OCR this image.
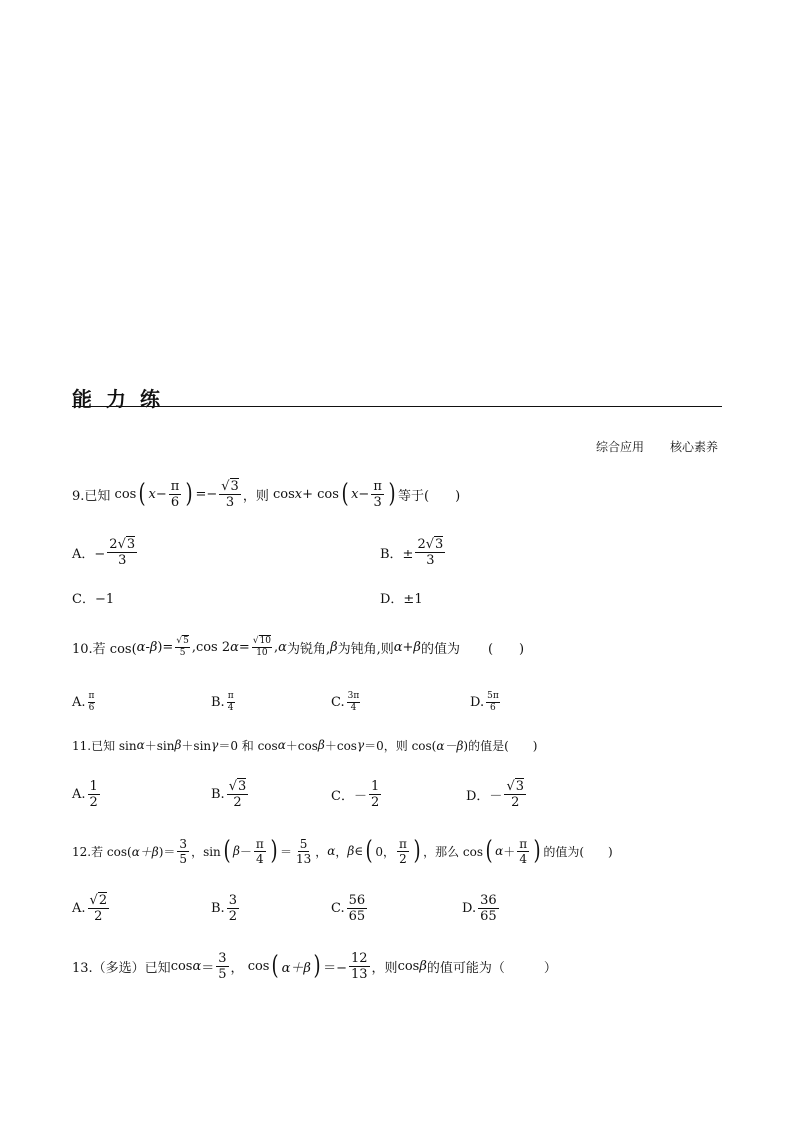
能力练
综合应用 核心素养
9.已知
cos ( $x - \frac{\pi}{6}$ ) =− $\frac{√3}{3}$ ，则
cos x +
cos ( $x - \frac{\pi}{3}$ ) 等于(　　)
A．− $\frac{2√3}{3}$	B．± $\frac{2√3}{3}$
C．−1	D．±1
10.若 cos( α-β )= $\frac{√5}{5} ,\cos$ 2 $\alpha = \frac{√10}{10}$ , α 为锐角, β 为钝角,则 α+β 的值为 (　　)
A. $\frac{\pi}{6}$	B. $\frac{\pi}{4}$	C. $\frac{3\pi}{4}$	D. $\frac{5\pi}{6}$
11.已知 sin α ＋sin β ＋sin γ ＝0 和 cos α ＋cos β ＋cos γ ＝0，则 cos( α－β )的值是(　　)
A. $\frac{1}{2}$	B. $\frac{√3}{2}$	C．－ $\frac{1}{2}$	D．－ $\frac{√3}{2}$
12.若 cos( α＋β )＝ $\frac{3}{5}$ ，sin ( $\beta - \frac{\pi}{4}$ ) ＝ $\frac{5}{13}$ ， α ， β ∈ ( 0， $\frac{\pi}{2}$ ) ，那么 cos ( $\alpha + \frac{\pi}{4}$ ) 的值为(　　)
A. $\frac{√2}{2}$	B. $\frac{3}{2}$	C. $\frac{56}{65}$	D. $\frac{36}{65}$
13.（多选）已知 $\cos \alpha = \frac{3}{5}$ ，
cos ( α＋β ) ＝− $\frac{12}{13}$ ，则 cos β 的值可能为（　　　）
